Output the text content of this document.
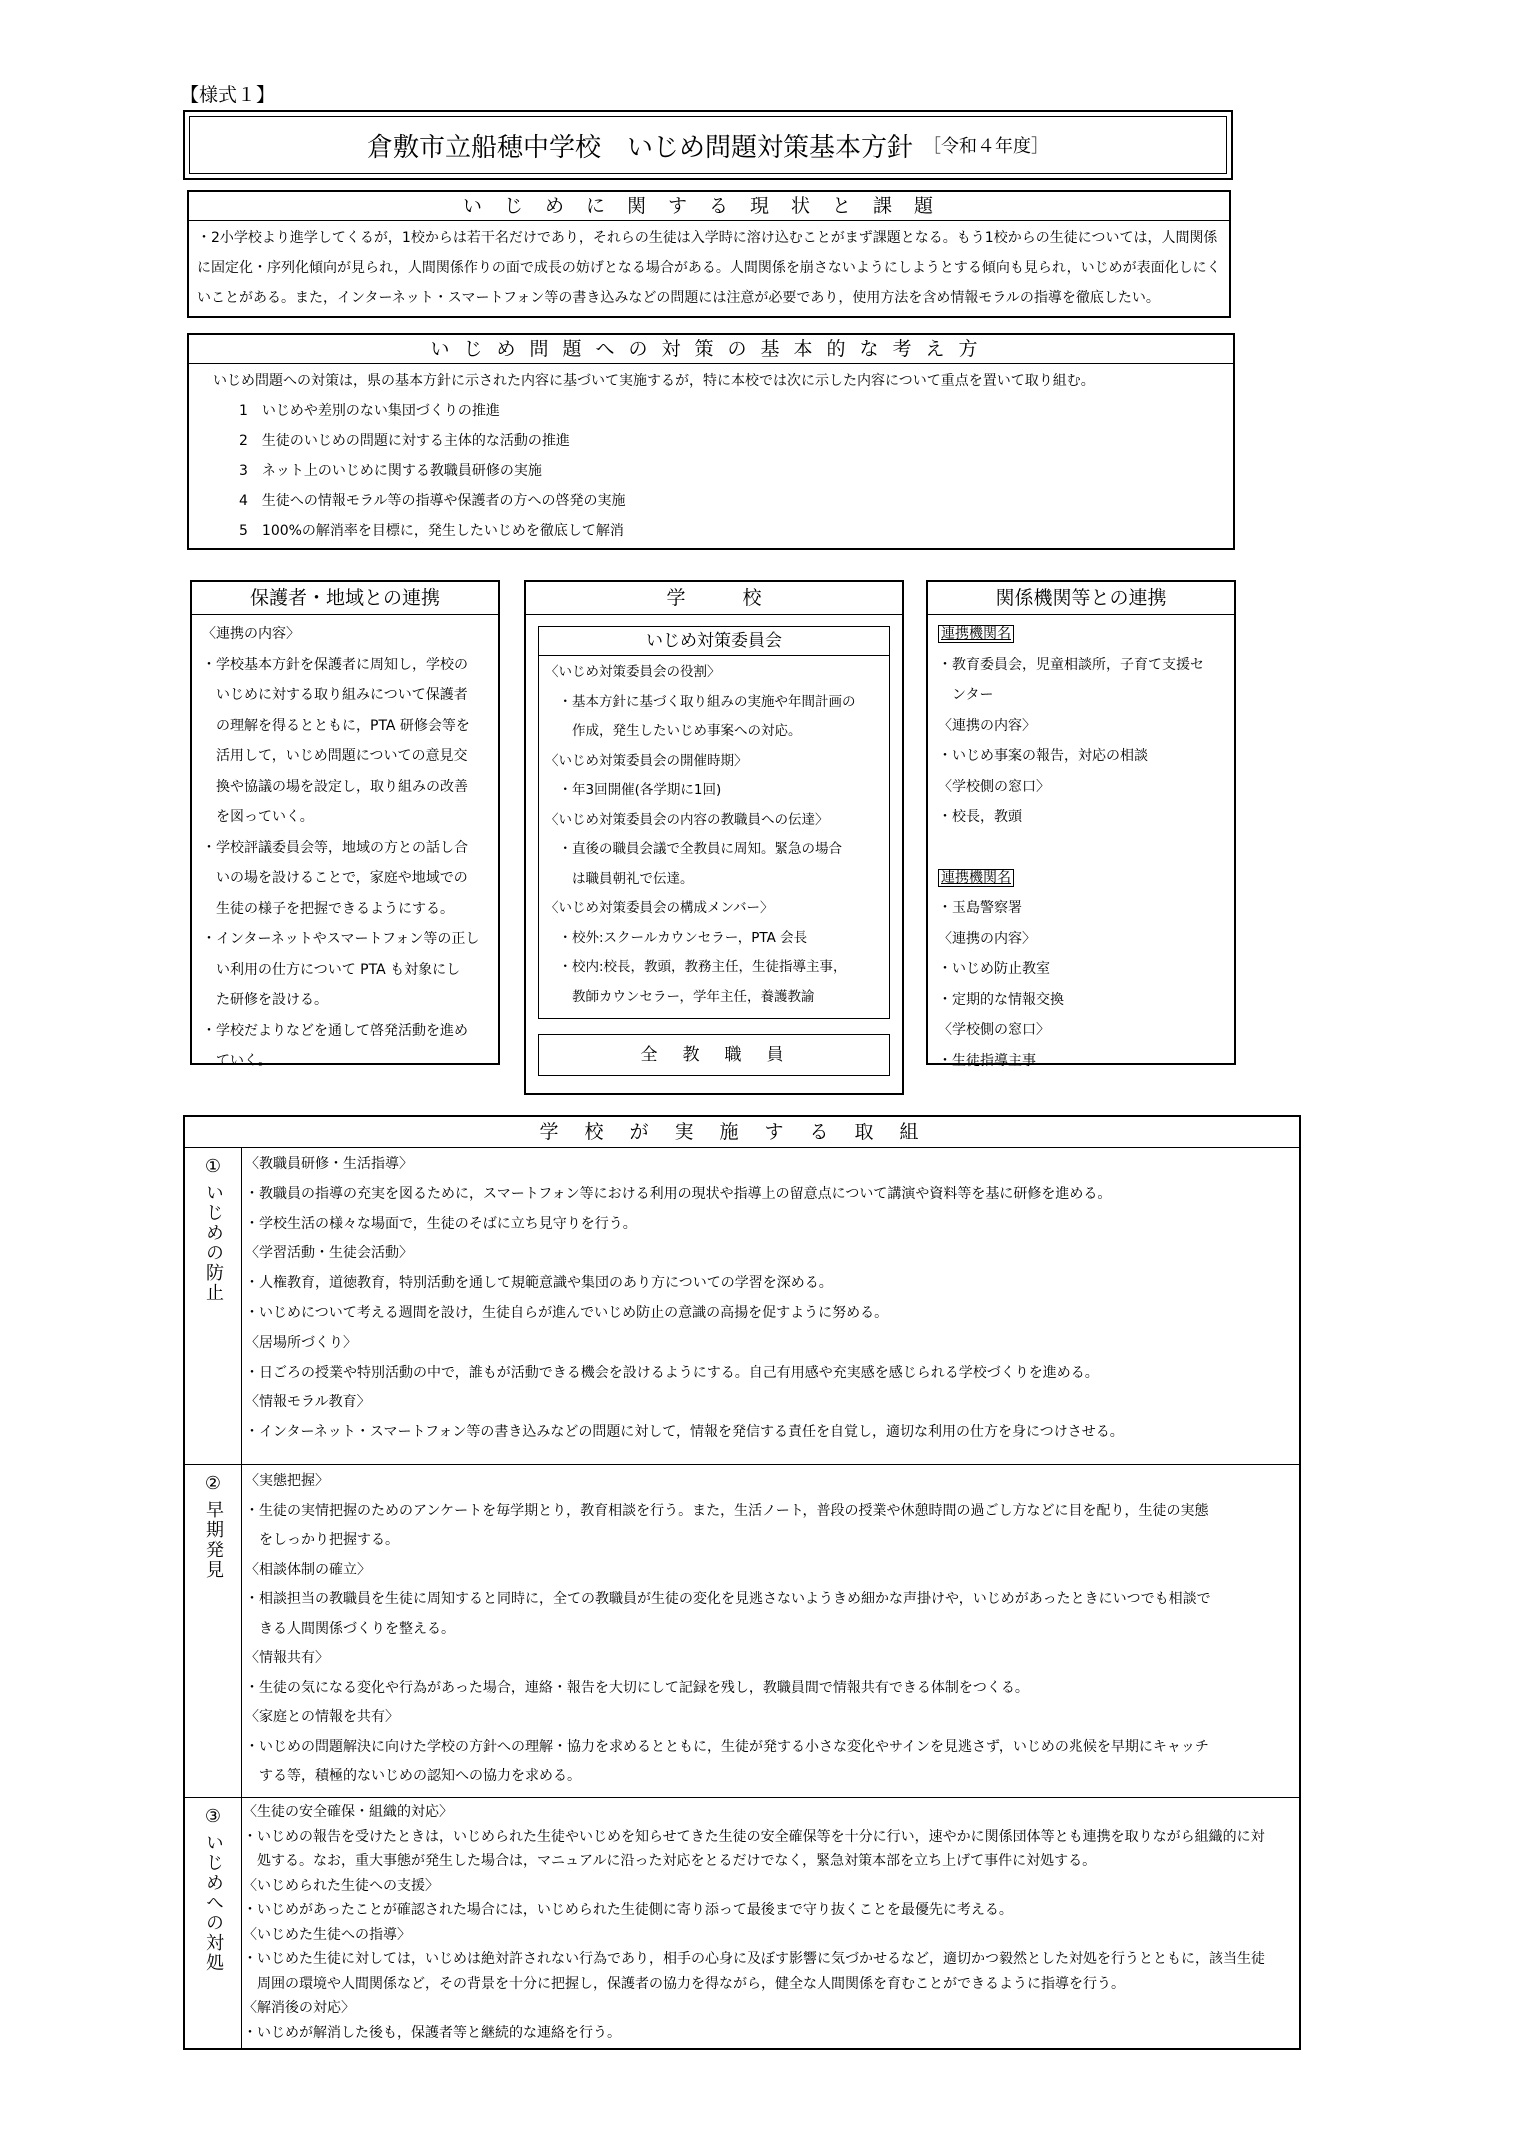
【様式１】
倉敷市立船穂中学校　いじめ問題対策基本方針 ［令和４年度］
いじめに関する現状と課題
・2小学校より進学してくるが，1校からは若干名だけであり，それらの生徒は入学時に溶け込むことがまず課題となる。もう1校からの生徒については，人間関係
に固定化・序列化傾向が見られ，人間関係作りの面で成長の妨げとなる場合がある。人間関係を崩さないようにしようとする傾向も見られ，いじめが表面化しにく
いことがある。また，インターネット・スマートフォン等の書き込みなどの問題には注意が必要であり，使用方法を含め情報モラルの指導を徹底したい。
いじめ問題への対策の基本的な考え方
いじめ問題への対策は，県の基本方針に示された内容に基づいて実施するが，特に本校では次に示した内容について重点を置いて取り組む。
1　いじめや差別のない集団づくりの推進
2　生徒のいじめの問題に対する主体的な活動の推進
3　ネット上のいじめに関する教職員研修の実施
4　生徒への情報モラル等の指導や保護者の方への啓発の実施
5　100%の解消率を目標に，発生したいじめを徹底して解消
保護者・地域との連携
〈連携の内容〉
・学校基本方針を保護者に周知し，学校の
　いじめに対する取り組みについて保護者
　の理解を得るとともに，PTA 研修会等を
　活用して，いじめ問題についての意見交
　換や協議の場を設定し，取り組みの改善
　を図っていく。
・学校評議委員会等，地域の方との話し合
　いの場を設けることで，家庭や地域での
　生徒の様子を把握できるようにする。
・インターネットやスマートフォン等の正し
　い利用の仕方について PTA も対象にし
　た研修を設ける。
・学校だよりなどを通して啓発活動を進め
　ていく。
学　　　校
いじめ対策委員会
〈いじめ対策委員会の役割〉
　・基本方針に基づく取り組みの実施や年間計画の
　　作成，発生したいじめ事案への対応。
〈いじめ対策委員会の開催時期〉
　・年3回開催(各学期に1回)
〈いじめ対策委員会の内容の教職員への伝達〉
　・直後の職員会議で全教員に周知。緊急の場合
　　は職員朝礼で伝達。
〈いじめ対策委員会の構成メンバー〉
　・校外:スクールカウンセラー，PTA 会長
　・校内:校長，教頭，教務主任，生徒指導主事，
　　教師カウンセラー，学年主任，養護教諭
全　教　職　員
関係機関等との連携
連携機関名
・教育委員会，児童相談所，子育て支援セ
　ンター
〈連携の内容〉
・いじめ事案の報告，対応の相談
〈学校側の窓口〉
・校長，教頭
連携機関名
・玉島警察署
〈連携の内容〉
・いじめ防止教室
・定期的な情報交換
〈学校側の窓口〉
・生徒指導主事
学校が実施する取組
①
いじめの防止
〈教職員研修・生活指導〉
・教職員の指導の充実を図るために，スマートフォン等における利用の現状や指導上の留意点について講演や資料等を基に研修を進める。
・学校生活の様々な場面で，生徒のそばに立ち見守りを行う。
〈学習活動・生徒会活動〉
・人権教育，道徳教育，特別活動を通して規範意識や集団のあり方についての学習を深める。
・いじめについて考える週間を設け，生徒自らが進んでいじめ防止の意識の高揚を促すように努める。
〈居場所づくり〉
・日ごろの授業や特別活動の中で，誰もが活動できる機会を設けるようにする。自己有用感や充実感を感じられる学校づくりを進める。
〈情報モラル教育〉
・インターネット・スマートフォン等の書き込みなどの問題に対して，情報を発信する責任を自覚し，適切な利用の仕方を身につけさせる。
②
早期発見
〈実態把握〉
・生徒の実情把握のためのアンケートを毎学期とり，教育相談を行う。また，生活ノート，普段の授業や休憩時間の過ごし方などに目を配り，生徒の実態
　をしっかり把握する。
〈相談体制の確立〉
・相談担当の教職員を生徒に周知すると同時に，全ての教職員が生徒の変化を見逃さないようきめ細かな声掛けや，いじめがあったときにいつでも相談で
　きる人間関係づくりを整える。
〈情報共有〉
・生徒の気になる変化や行為があった場合，連絡・報告を大切にして記録を残し，教職員間で情報共有できる体制をつくる。
〈家庭との情報を共有〉
・いじめの問題解決に向けた学校の方針への理解・協力を求めるとともに，生徒が発する小さな変化やサインを見逃さず，いじめの兆候を早期にキャッチ
　する等，積極的ないじめの認知への協力を求める。
③
いじめへの対処
〈生徒の安全確保・組織的対応〉
・いじめの報告を受けたときは，いじめられた生徒やいじめを知らせてきた生徒の安全確保等を十分に行い，速やかに関係団体等とも連携を取りながら組織的に対
　処する。なお，重大事態が発生した場合は，マニュアルに沿った対応をとるだけでなく，緊急対策本部を立ち上げて事件に対処する。
〈いじめられた生徒への支援〉
・いじめがあったことが確認された場合には，いじめられた生徒側に寄り添って最後まで守り抜くことを最優先に考える。
〈いじめた生徒への指導〉
・いじめた生徒に対しては，いじめは絶対許されない行為であり，相手の心身に及ぼす影響に気づかせるなど，適切かつ毅然とした対処を行うとともに，該当生徒
　周囲の環境や人間関係など，その背景を十分に把握し，保護者の協力を得ながら，健全な人間関係を育むことができるように指導を行う。
〈解消後の対応〉
・いじめが解消した後も，保護者等と継続的な連絡を行う。
